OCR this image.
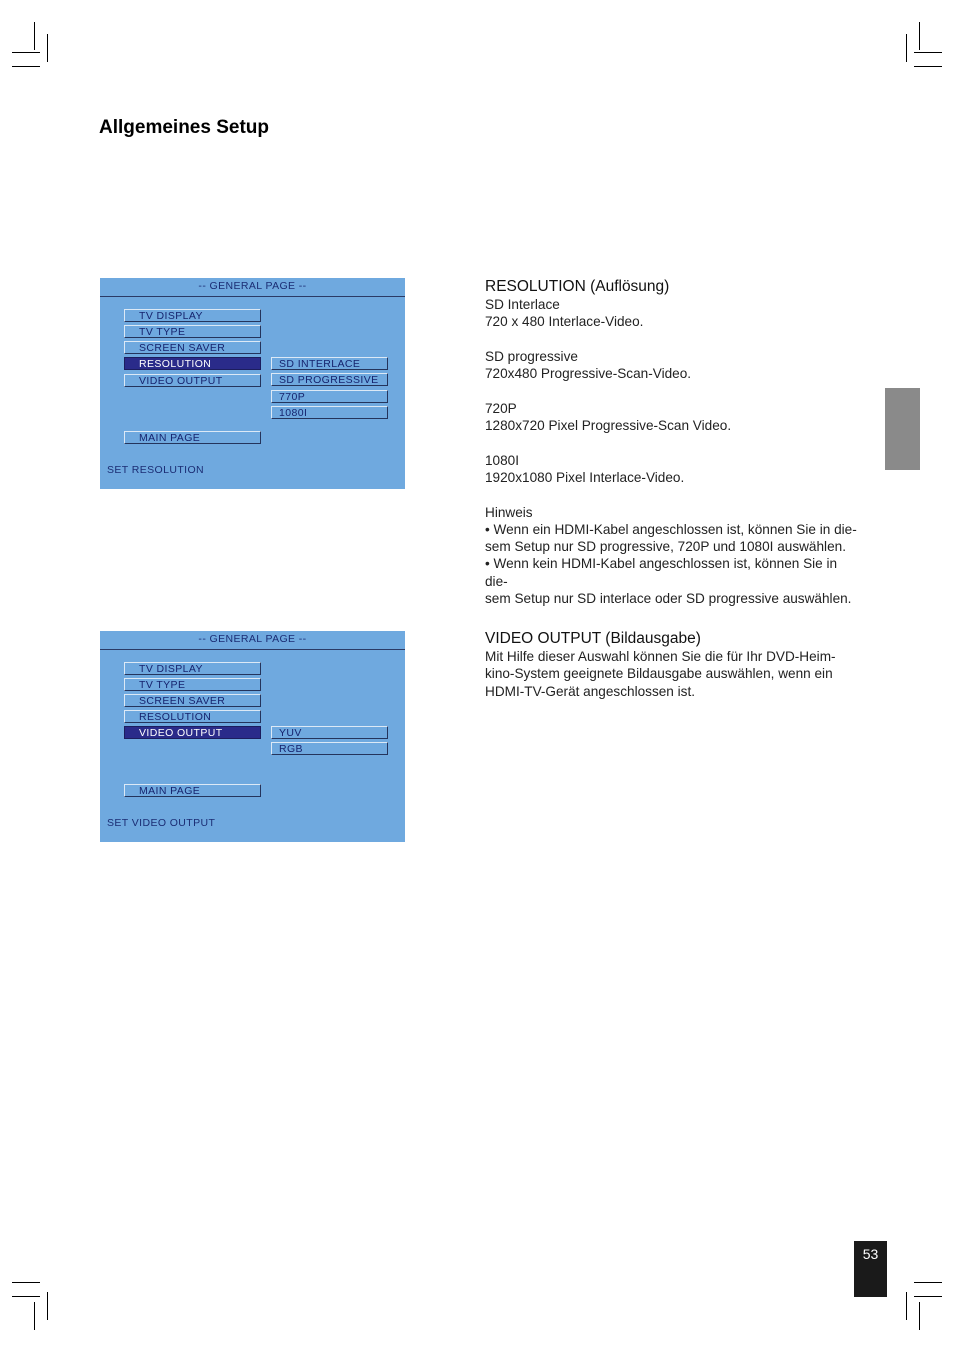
Allgemeines Setup
-- GENERAL PAGE --
TV DISPLAY
TV TYPE
SCREEN SAVER
RESOLUTION
VIDEO OUTPUT
SD INTERLACE
SD PROGRESSIVE
770P
1080I
MAIN PAGE
SET RESOLUTION
-- GENERAL PAGE --
TV DISPLAY
TV TYPE
SCREEN SAVER
RESOLUTION
VIDEO OUTPUT	YUV
RGB
MAIN PAGE
SET VIDEO OUTPUT
RESOLUTION (Auflösung)

SD Interlace

720 x 480 Interlace-Video.

SD progressive

720x480 Progressive-Scan-Video.

720P

1280x720 Pixel Progressive-Scan Video.

1080I

1920x1080 Pixel Interlace-Video.

Hinweis

• Wenn ein HDMI-Kabel angeschlossen ist, können Sie in die-

sem Setup nur SD progressive, 720P und 1080I auswählen.

• Wenn kein HDMI-Kabel angeschlossen ist, können Sie in die-

sem Setup nur SD interlace oder SD progressive auswählen.

VIDEO OUTPUT (Bildausgabe)

Mit Hilfe dieser Auswahl können Sie die für Ihr DVD-Heim-

kino-System geeignete Bildausgabe auswählen, wenn ein

HDMI-TV-Gerät angeschlossen ist.

53
